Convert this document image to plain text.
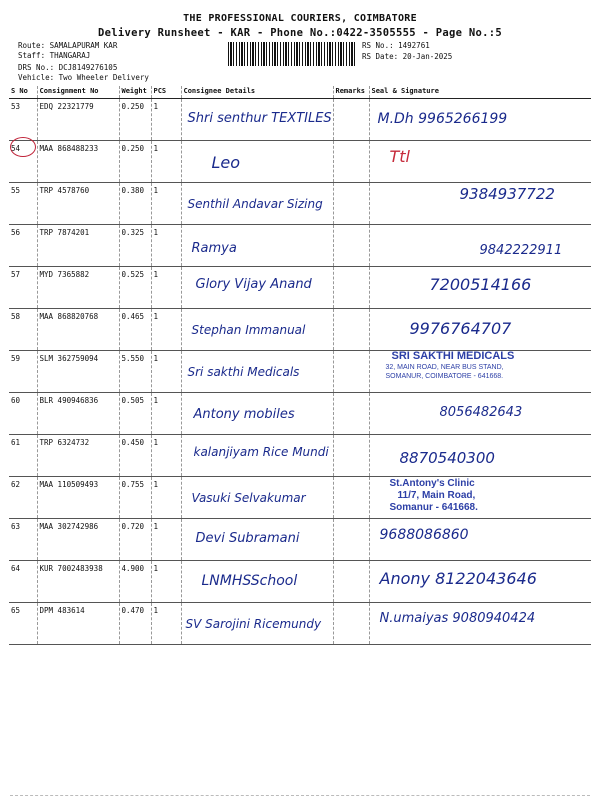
THE PROFESSIONAL COURIERS, COIMBATORE
Delivery Runsheet - KAR - Phone No.:0422-3505555 - Page No.:5
Route: SAMALAPURAM KAR
Staff: THANGARAJ
DRS No.: DCJ8149276105
Vehicle: Two Wheeler Delivery
RS No.: 1492761
RS Date: 20-Jan-2025
S No	Consignment No	Weight	PCS	Consignee Details	Remarks	Seal & Signature
53	EDQ 22321779	0.250	1	Shri senthur TEXTILES		M.Dh 9965266199

54	MAA 868488233	0.250	1	Leo		Ttl

55	TRP 4578760	0.380	1	Senthil Andavar Sizing		9384937722

56	TRP 7874201	0.325	1	Ramya		9842222911

57	MYD 7365882	0.525	1	Glory Vijay Anand		7200514166

58	MAA 868820768	0.465	1	Stephan Immanual		9976764707

59	SLM 362759094	5.550	1	Sri sakthi Medicals		SRI SAKTHI MEDICALS
32, MAIN ROAD, NEAR BUS STAND,
SOMANUR, COIMBATORE - 641668.

60	BLR 490946836	0.505	1	Antony mobiles		8056482643

61	TRP 6324732	0.450	1	kalanjiyam Rice Mundi		8870540300

62	MAA 110509493	0.755	1	Vasuki Selvakumar		St.Antony's Clinic
11/7, Main Road,
Somanur - 641668.

63	MAA 302742986	0.720	1	Devi Subramani		9688086860

64	KUR 7002483938	4.900	1	LNMHSSchool		Anony 8122043646

65	DPM 483614	0.470	1	SV Sarojini Ricemundy		N.umaiyas 9080940424
